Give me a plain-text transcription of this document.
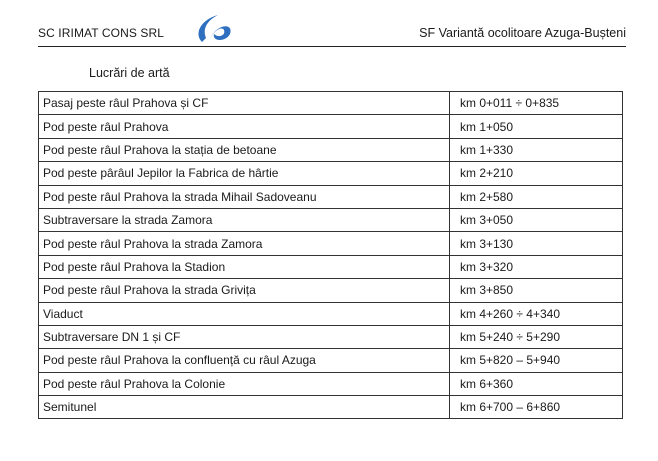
SC IRIMAT CONS SRL	SF Variantă ocolitoare Azuga-Bușteni
Lucrări de artă
Pasaj peste râul Prahova și CF	km 0+011 ÷ 0+835
Pod peste râul Prahova	km 1+050
Pod peste râul Prahova la stația de betoane	km 1+330
Pod peste pârâul Jepilor la Fabrica de hârtie	km 2+210
Pod peste râul Prahova la strada Mihail Sadoveanu	km 2+580
Subtraversare la strada Zamora	km 3+050
Pod peste râul Prahova la strada Zamora	km 3+130
Pod peste râul Prahova la Stadion	km 3+320
Pod peste râul Prahova la strada Grivița	km 3+850
Viaduct	km 4+260 ÷ 4+340
Subtraversare DN 1 și CF	km 5+240 ÷ 5+290
Pod peste râul Prahova la confluență cu râul Azuga	km 5+820 – 5+940
Pod peste râul Prahova la Colonie	km 6+360
Semitunel	km 6+700 – 6+860
